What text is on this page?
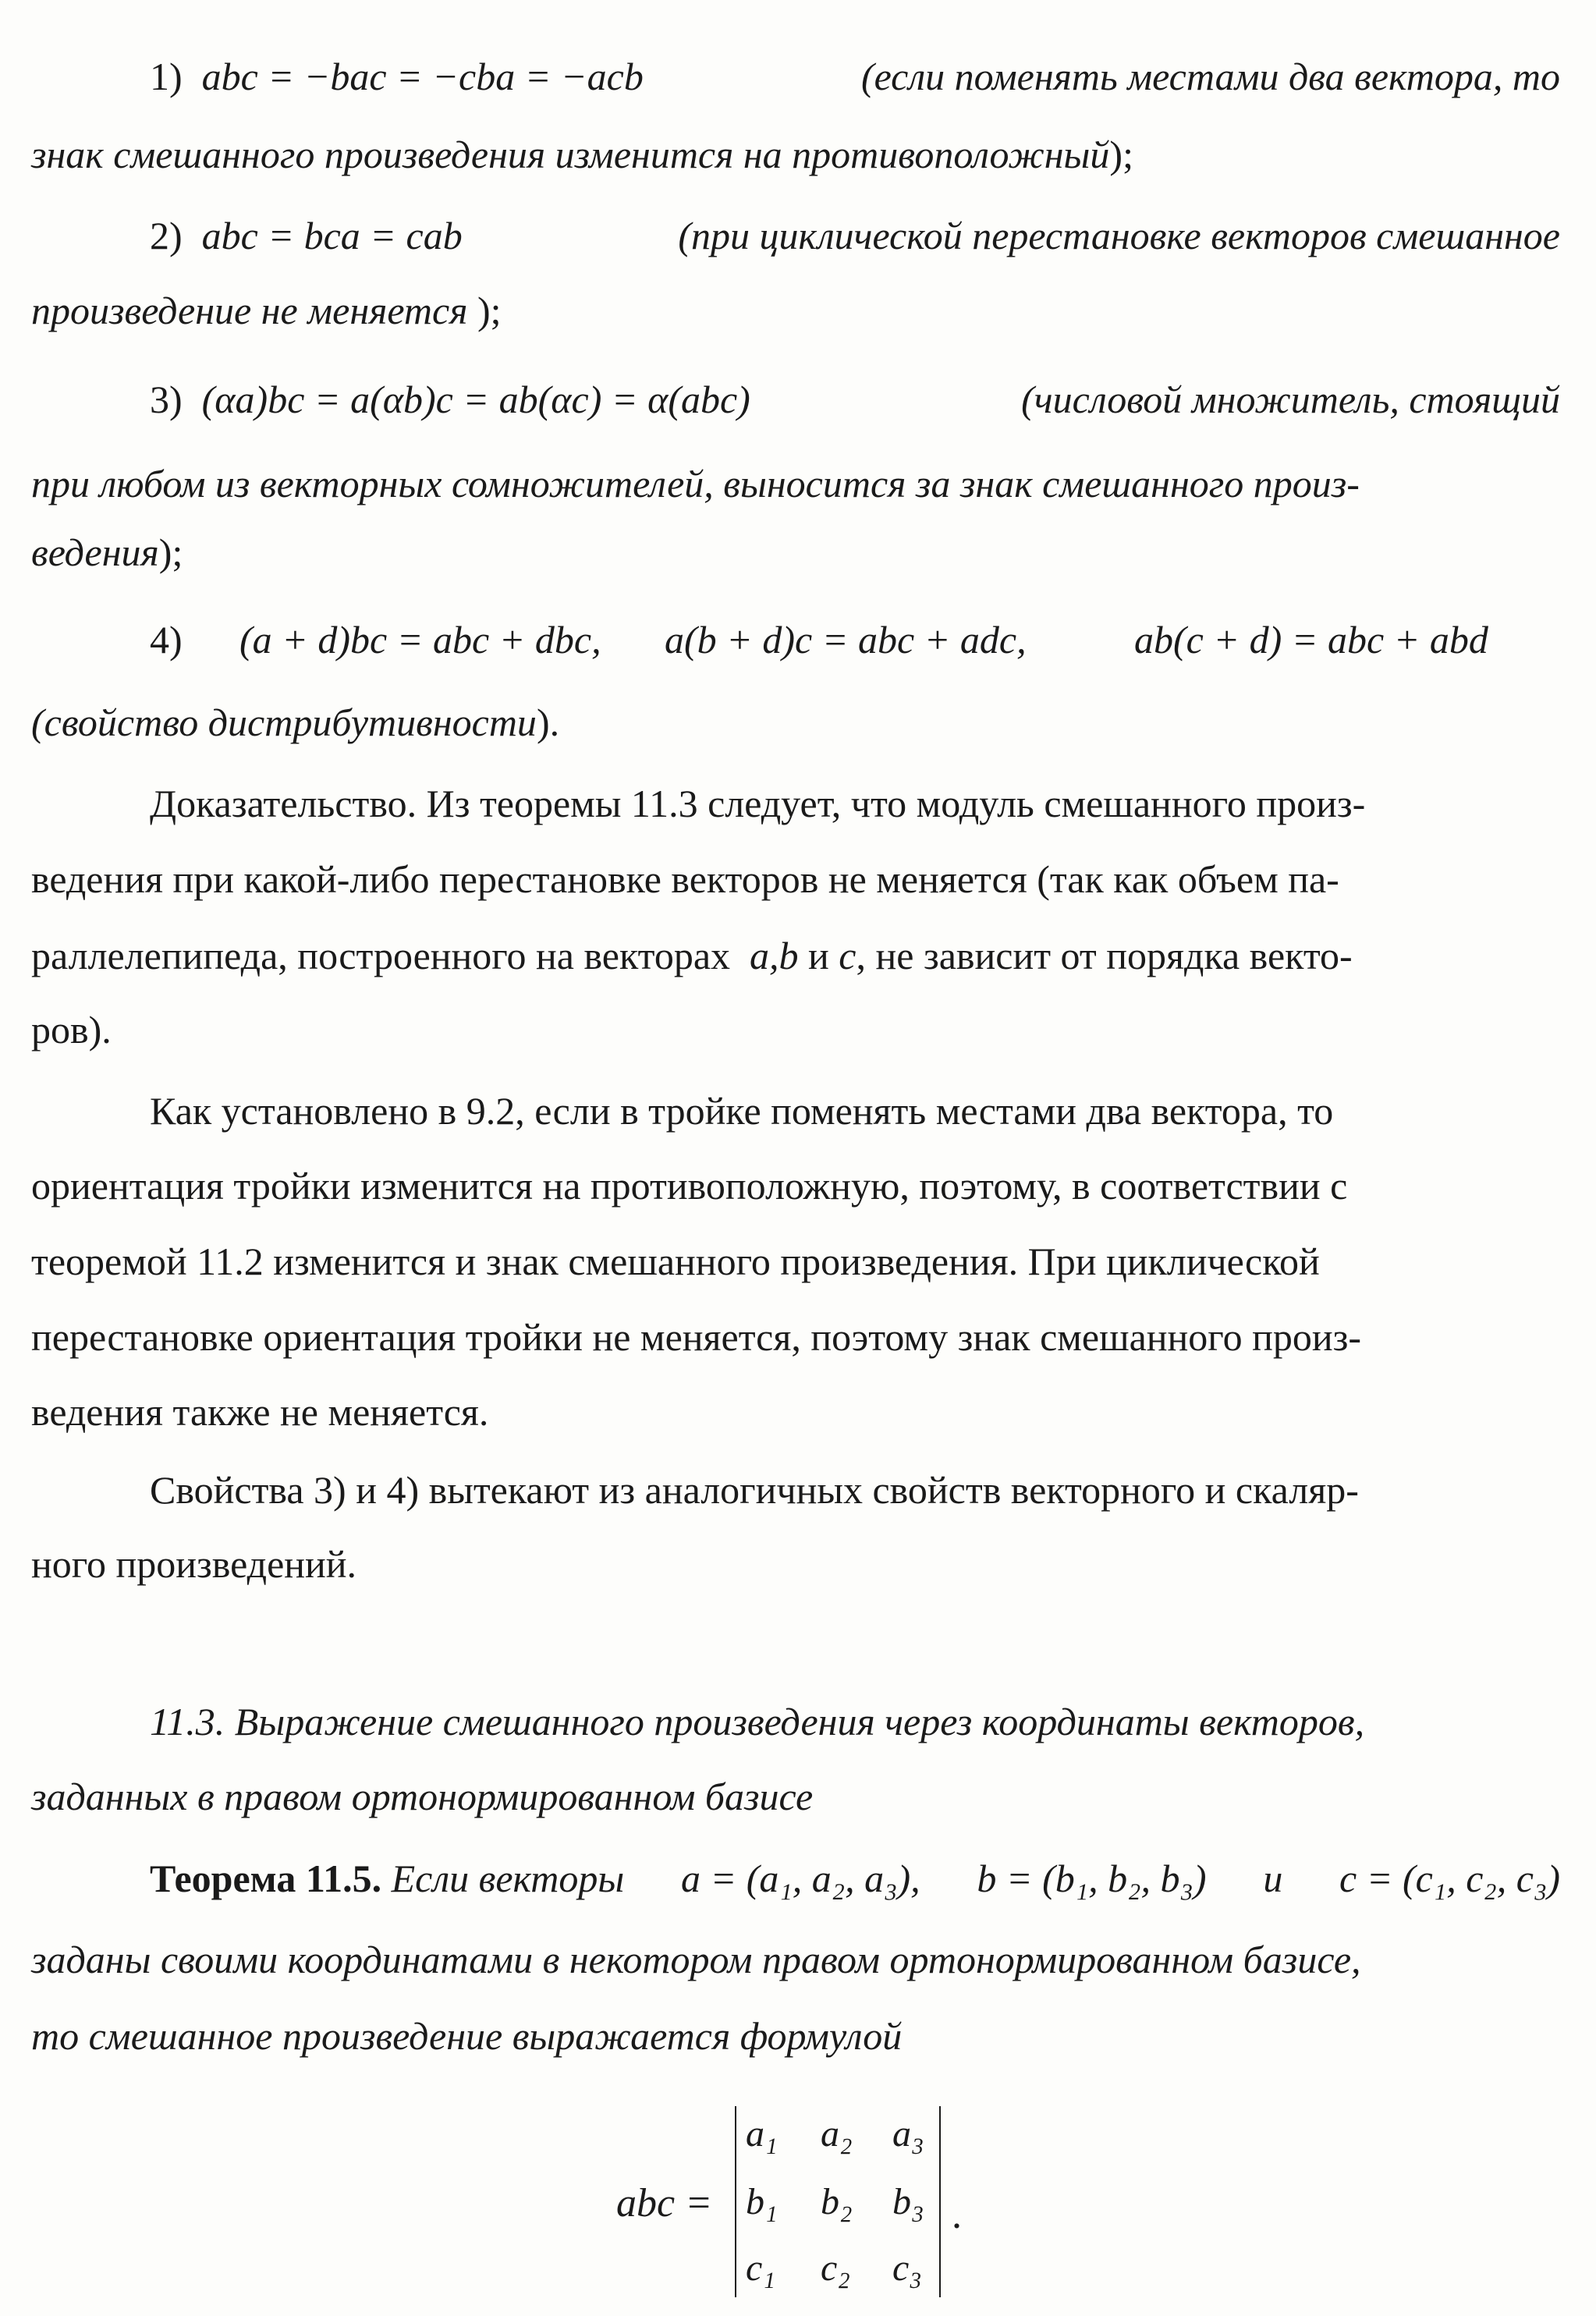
1) abc = −bac = −cba = −acb	(если поменять местами два вектора, то
знак смешанного произведения изменится на противоположный);
2) abc = bca = cab	(при циклической перестановке векторов смешанное
произведение не меняется );
3) (αa)bc = a(αb)c = ab(αc) = α(abc)	(числовой множитель, стоящий
при любом из векторных сомножителей, выносится за знак смешанного произ-
ведения);
4) (a + d)bc = abc + dbc, a(b + d)c = abc + adc,	ab(c + d) = abc + abd
(свойство дистрибутивности).
Доказательство. Из теоремы 11.3 следует, что модуль смешанного произ-
ведения при какой-либо перестановке векторов не меняется (так как объем па-
раллелепипеда, построенного на векторах a,b и c, не зависит от порядка векто-
ров).
Как установлено в 9.2, если в тройке поменять местами два вектора, то
ориентация тройки изменится на противоположную, поэтому, в соответствии с
теоремой 11.2 изменится и знак смешанного произведения. При циклической
перестановке ориентация тройки не меняется, поэтому знак смешанного произ-
ведения также не меняется.
Свойства 3) и 4) вытекают из аналогичных свойств векторного и скаляр-
ного произведений.
11.3. Выражение смешанного произведения через координаты векторов,
заданных в правом ортонормированном базисе
Теорема 11.5. Если векторы a = (a₁, a₂, a₃), b = (b₁, b₂, b₃) и c = (c₁, c₂, c₃)
заданы своими координатами в некотором правом ортонормированном базисе,
то смешанное произведение выражается формулой
abc =
a₁ a₂ a₃
b₁ b₂ b₃
c₁ c₂ c₃
.
